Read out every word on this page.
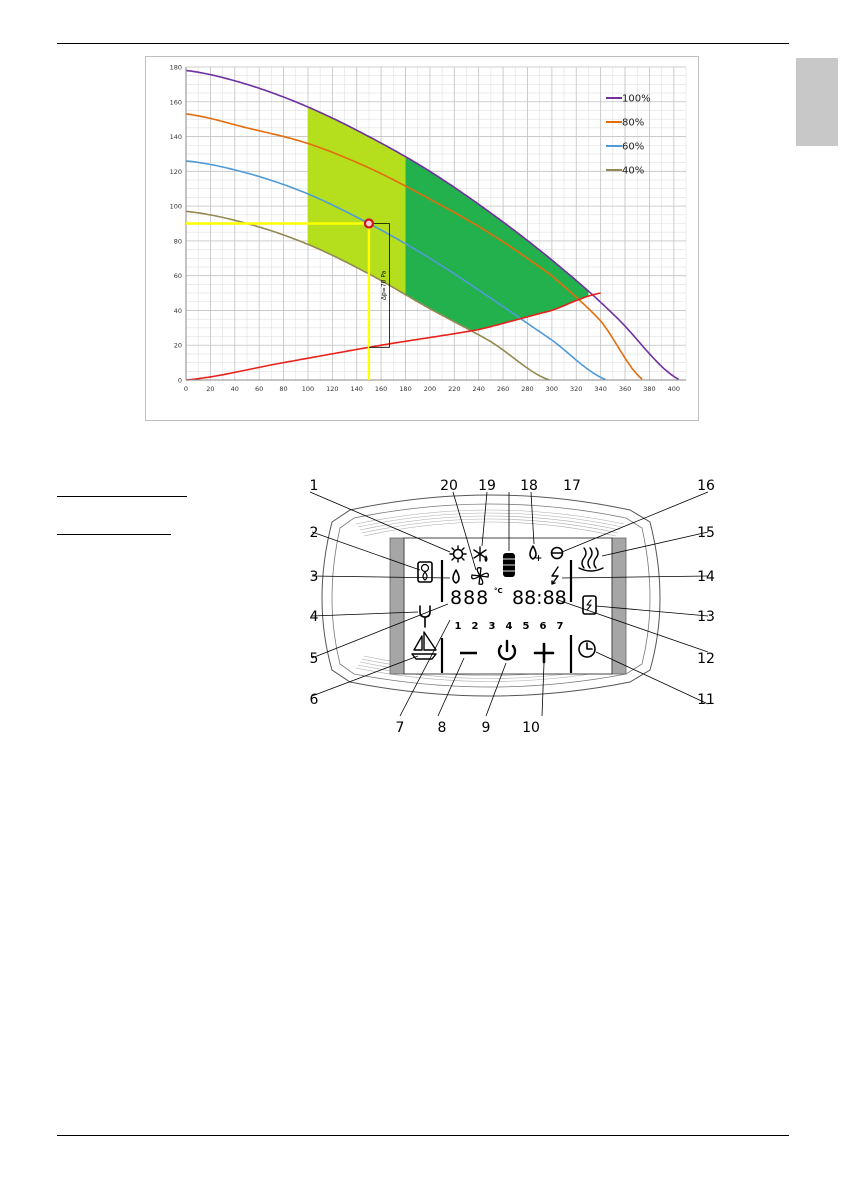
0	20 40 60 80 100 120 140 160 180 200 220 240 260 280 300 320 340 360 380 400
0
20
40
60
80
100
120
140
160
180
Δp=70 Pa
100%
80%
60%
40%
888 °C 88:88
1 2 3 4 5 6 7
1	20 19 18 17	16
2
3
4
5
6
15
14
13
12
11
7 8	9 10
